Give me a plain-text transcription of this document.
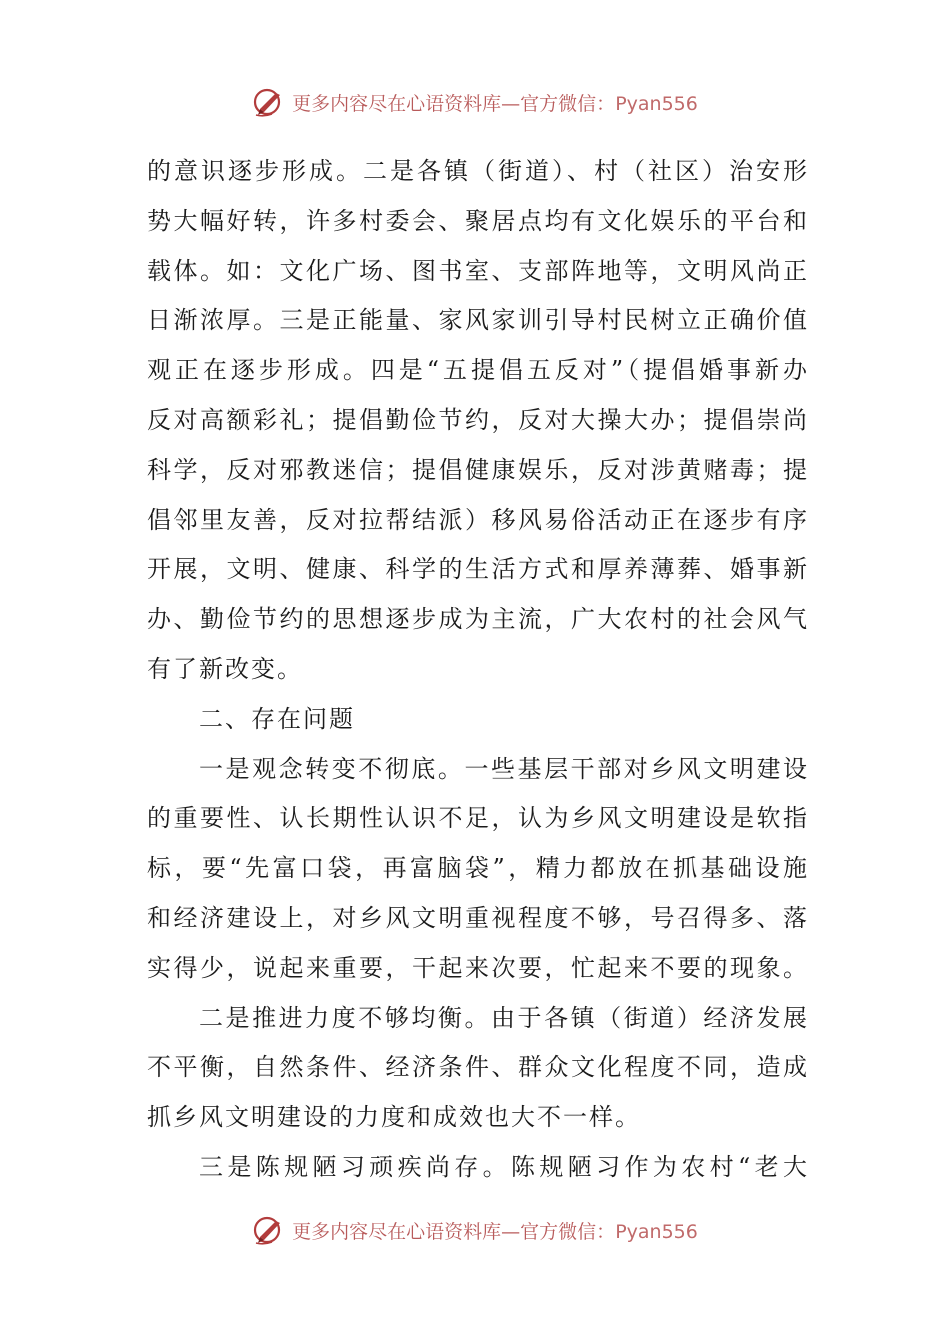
更多内容尽在心语资料库—官方微信：Pyan556
的意识逐步形成。二是各镇（街道）、村（社区）治安形
势大幅好转，许多村委会、聚居点均有文化娱乐的平台和
载体。如：文化广场、图书室、支部阵地等，文明风尚正
日渐浓厚。三是正能量、家风家训引导村民树立正确价值
观正在逐步形成。四是“五提倡五反对”（提倡婚事新办
反对高额彩礼；提倡勤俭节约，反对大操大办；提倡崇尚
科学，反对邪教迷信；提倡健康娱乐，反对涉黄赌毒；提
倡邻里友善，反对拉帮结派）移风易俗活动正在逐步有序
开展，文明、健康、科学的生活方式和厚养薄葬、婚事新
办、勤俭节约的思想逐步成为主流，广大农村的社会风气
有了新改变。
二、存在问题
一是观念转变不彻底。一些基层干部对乡风文明建设
的重要性、认长期性认识不足，认为乡风文明建设是软指
标，要“先富口袋，再富脑袋”，精力都放在抓基础设施
和经济建设上，对乡风文明重视程度不够，号召得多、落
实得少，说起来重要，干起来次要，忙起来不要的现象。
二是推进力度不够均衡。由于各镇（街道）经济发展
不平衡，自然条件、经济条件、群众文化程度不同，造成
抓乡风文明建设的力度和成效也大不一样。
三是陈规陋习顽疾尚存。陈规陋习作为农村“老大
更多内容尽在心语资料库—官方微信：Pyan556
